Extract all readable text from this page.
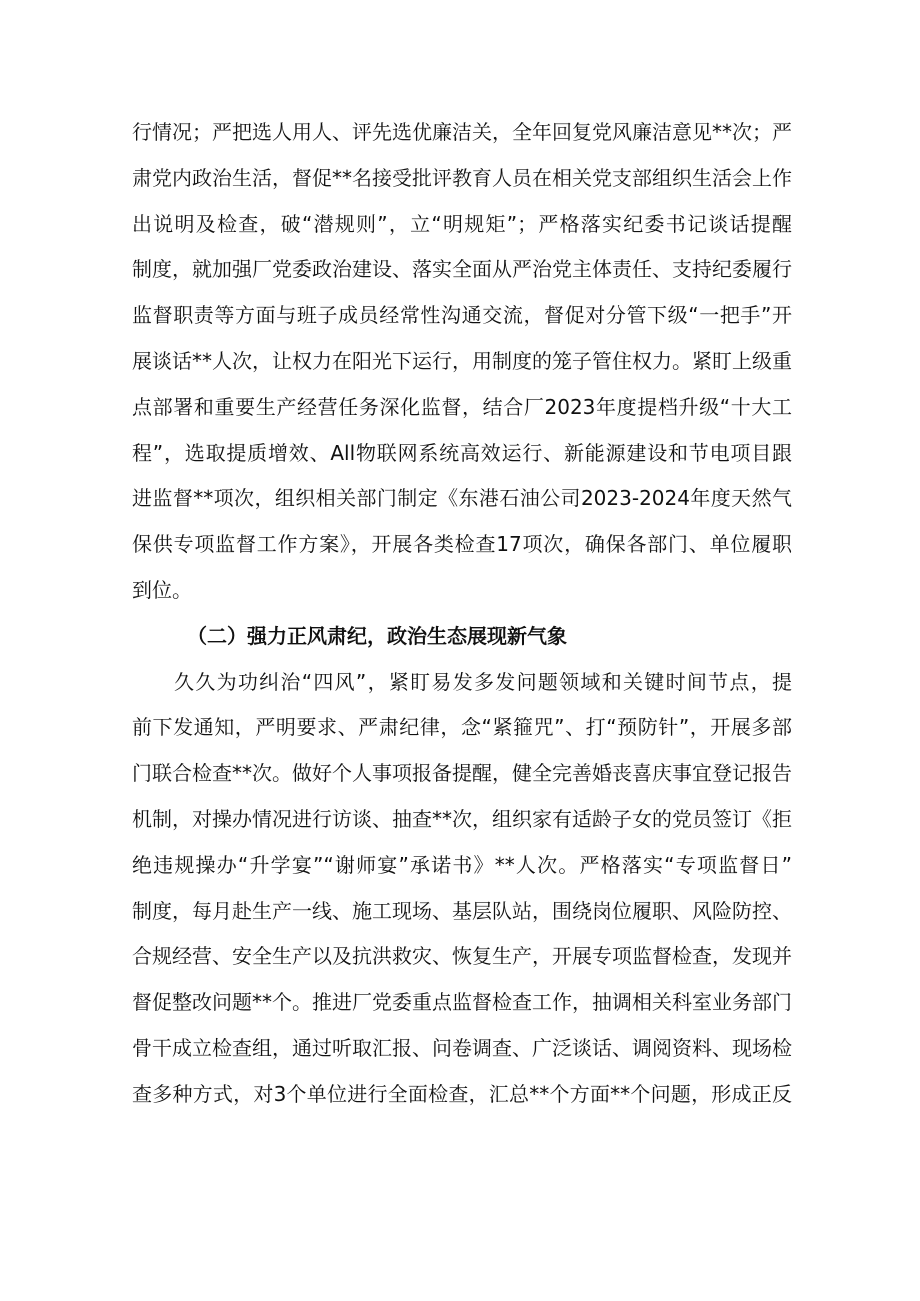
行情况；严把选人用人、评先选优廉洁关，全年回复党风廉洁意见**次；严
肃党内政治生活，督促**名接受批评教育人员在相关党支部组织生活会上作
出说明及检查，破“潜规则”，立“明规矩”；严格落实纪委书记谈话提醒
制度，就加强厂党委政治建设、落实全面从严治党主体责任、支持纪委履行
监督职责等方面与班子成员经常性沟通交流，督促对分管下级“一把手”开
展谈话**人次，让权力在阳光下运行，用制度的笼子管住权力。紧盯上级重
点部署和重要生产经营任务深化监督，结合厂2023年度提档升级“十大工
程”，选取提质增效、All物联网系统高效运行、新能源建设和节电项目跟
进监督**项次，组织相关部门制定《东港石油公司2023-2024年度天然气
保供专项监督工作方案》，开展各类检查17项次，确保各部门、单位履职
到位。
（二）强力正风肃纪，政治生态展现新气象
久久为功纠治“四风”，紧盯易发多发问题领域和关键时间节点，提
前下发通知，严明要求、严肃纪律，念“紧箍咒”、打“预防针”，开展多部
门联合检查**次。做好个人事项报备提醒，健全完善婚丧喜庆事宜登记报告
机制，对操办情况进行访谈、抽查**次，组织家有适龄子女的党员签订《拒
绝违规操办“升学宴”“谢师宴”承诺书》**人次。严格落实“专项监督日”
制度，每月赴生产一线、施工现场、基层队站，围绕岗位履职、风险防控、
合规经营、安全生产以及抗洪救灾、恢复生产，开展专项监督检查，发现并
督促整改问题**个。推进厂党委重点监督检查工作，抽调相关科室业务部门
骨干成立检查组，通过听取汇报、问卷调查、广泛谈话、调阅资料、现场检
查多种方式，对3个单位进行全面检查，汇总**个方面**个问题，形成正反
